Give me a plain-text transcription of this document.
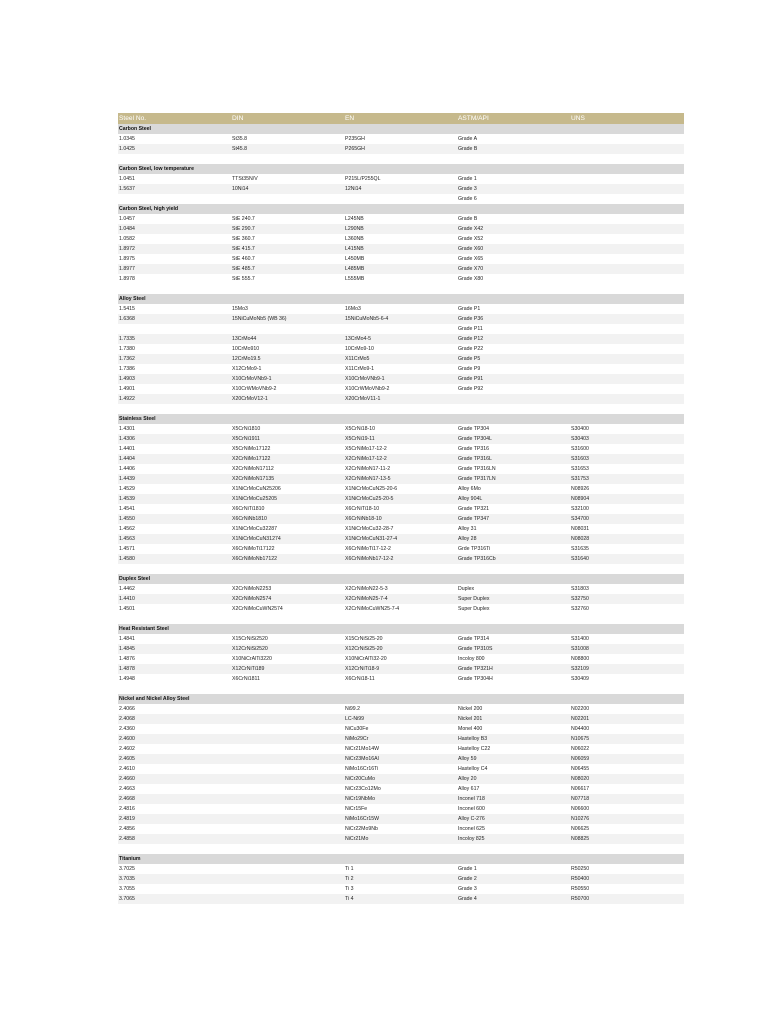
Steel No.	DIN	EN	ASTM/API	UNS
Carbon Steel				
1.0345	St35.8	P235GH	Grade A	
1.0425	St45.8	P265GH	Grade B	

Carbon Steel, low temperature				
1.0451	TTSt35N/V	P215L/P255QL	Grade 1	
1.5637	10Ni14	12Ni14	Grade 3	
			Grade 6	
Carbon Steel, high yield				
1.0457	StE 240.7	L245NB	Grade B	
1.0484	StE 290.7	L290NB	Grade X42	
1.0582	StE 360.7	L360NB	Grade X52	
1.8972	StE 415.7	L415NB	Grade X60	
1.8975	StE 460.7	L450MB	Grade X65	
1.8977	StE 485.7	L485MB	Grade X70	
1.8978	StE 555.7	L555MB	Grade X80	

Alloy Steel				
1.5415	15Mo3	16Mo3	Grade P1	
1.6368	15NiCuMoNb5 (WB 36)	15NiCuMoNb5-6-4	Grade P36	
			Grade P11	
1.7335	13CrMo44	13CrMo4-5	Grade P12	
1.7380	10CrMo910	10CrMo9-10	Grade P22	
1.7362	12CrMo19.5	X11CrMo5	Grade P5	
1.7386	X12CrMo9-1	X11CrMo9-1	Grade P9	
1.4903	X10CrMoVNb9-1	X10CrMoVNb9-1	Grade P91	
1.4901	X10CrWMoVNb9-2	X10CrWMoVNb9-2	Grade P92	
1.4922	X20CrMoV12-1	X20CrMoV11-1		

Stainless Steel				
1.4301	X5CrNi1810	X5CrNi18-10	Grade TP304	S30400
1.4306	X5CrNi1911	X5CrNi19-11	Grade TP304L	S30403
1.4401	X5CrNiMo17122	X5CrNiMo17-12-2	Grade TP316	S31600
1.4404	X2CrNiMo17122	X2CrNiMo17-12-2	Grade TP316L	S31603
1.4406	X2CrNiMoN17112	X2CrNiMoN17-11-2	Grade TP316LN	S31653
1.4439	X2CrNiMoN17135	X2CrNiMoN17-13-5	Grade TP317LN	S31753
1.4529	X1NiCrMoCuN25206	X1NiCrMoCuN25-20-6	Alloy 6Mo	N08926
1.4539	X1NiCrMoCu25205	X1NiCrMoCu25-20-5	Alloy 904L	N08904
1.4541	X6CrNiTi1810	X6CrNiTi18-10	Grade TP321	S32100
1.4550	X6CrNiNb1810	X6CrNiNb18-10	Grade TP347	S34700
1.4562	X1NiCrMoCu32287	X1NiCrMoCu32-28-7	Alloy 31	N08031
1.4563	X1NiCrMoCuN31274	X1NiCrMoCuN31-27-4	Alloy 28	N08028
1.4571	X6CrNiMoTi17122	X6CrNiMoTi17-12-2	Grde TP316Ti	S31635
1.4580	X6CrNiMoNb17122	X6CrNiMoNb17-12-2	Grade TP316Cb	S31640

Duplex Steel				
1.4462	X2CrNiMoN2253	X2CrNiMoN22-5-3	Duplex	S31803
1.4410	X2CrNiMoN2574	X2CrNiMoN25-7-4	Super Duplex	S32750
1.4501	X2CrNiMoCuWN2574	X2CrNiMoCuWN25-7-4	Super Duplex	S32760

Heat Resistant Steel				
1.4841	X15CrNiSi2520	X15CrNiSi25-20	Grade TP314	S31400
1.4845	X12CrNiSi2520	X12CrNiSi25-20	Grade TP310S	S31008
1.4876	X10NiCrAlTi3220	X10NiCrAlTi32-20	Incoloy 800	N08800
1.4878	X12CrNiTi189	X12CrNiTi18-9	Grade TP321H	S32109
1.4948	X6CrNi1811	X6CrNi18-11	Grade TP304H	S30409

Nickel and Nickel Alloy Steel				
2.4066		Ni99.2	Nickel 200	N02200
2.4068		LC-Ni99	Nickel 201	N02201
2.4360		NiCu30Fe	Monel 400	N04400
2.4600		NiMo29Cr	Hastelloy B3	N10675
2.4602		NiCr21Mo14W	Hastelloy C22	N06022
2.4605		NiCr23Mo16Al	Alloy 59	N06059
2.4610		NiMo16Cr16Ti	Hastelloy C4	N06455
2.4660		NiCr20CuMo	Alloy 20	N08020
2.4663		NiCr23Co12Mo	Alloy 617	N06617
2.4668		NiCr19NbMo	Inconel 718	N07718
2.4816		NiCr15Fe	Inconel 600	N06600
2.4819		NiMo16Cr15W	Alloy C-276	N10276
2.4856		NiCr22Mo9Nb	Inconel 625	N06625
2.4858		NiCr21Mo	Incoloy 825	N08825

Titanium				
3.7025		Ti 1	Grade 1	R50250
3.7035		Ti 2	Grade 2	R50400
3.7055		Ti 3	Grade 3	R50550
3.7065		Ti 4	Grade 4	R50700
